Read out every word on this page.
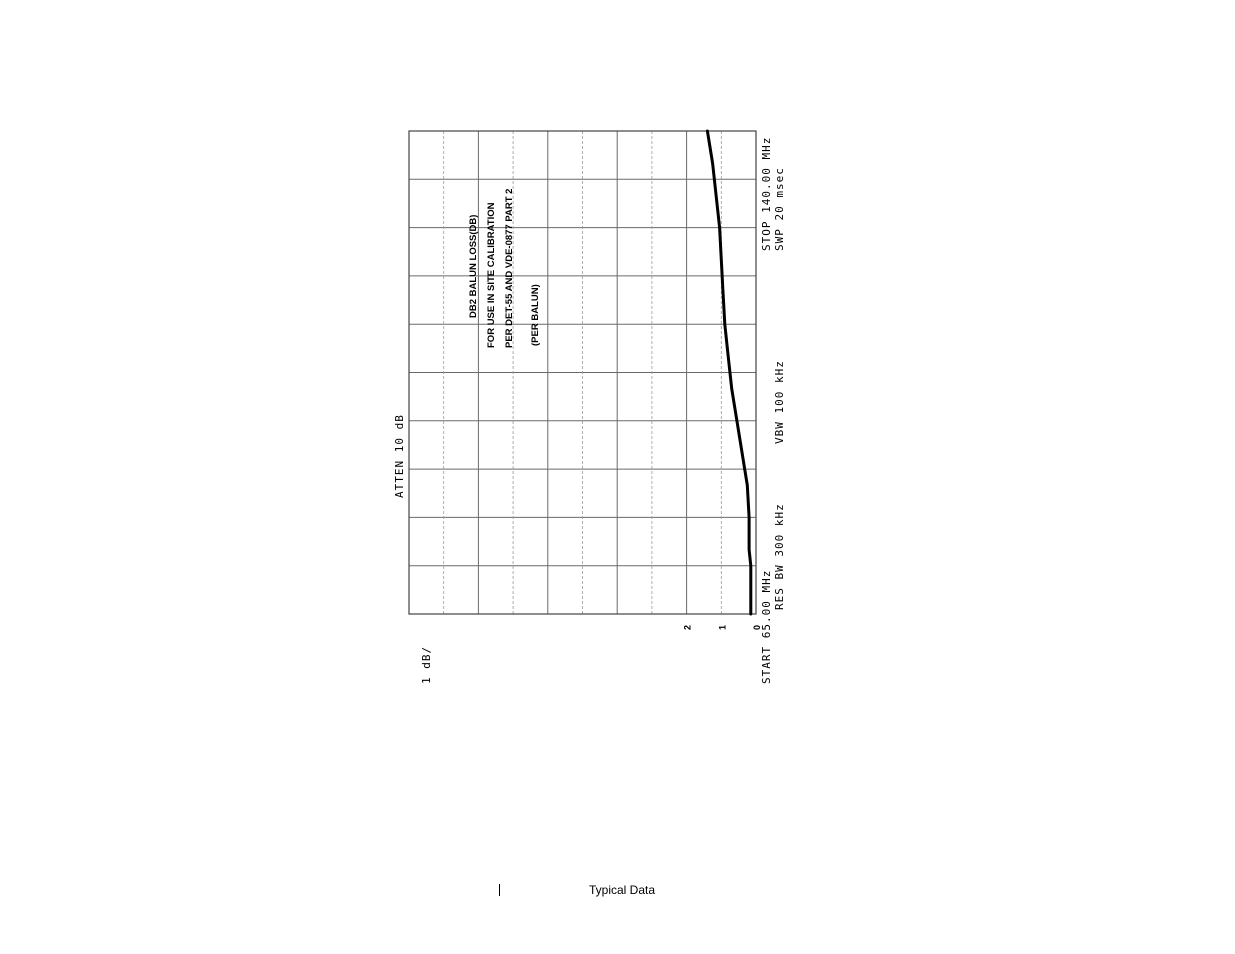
0
1
2
ATTEN 10 dB
1 dB/	START 65.00 MHz
STOP 140.00 MHz
RES BW 300 kHz
VBW 100 kHz
SWP 20 msec
DB2 BALUN LOSS(DB) FOR USE IN SITE CALIBRATION PER DET-55 AND VDE-0877 PART 2 (PER BALUN)
Typical Data
